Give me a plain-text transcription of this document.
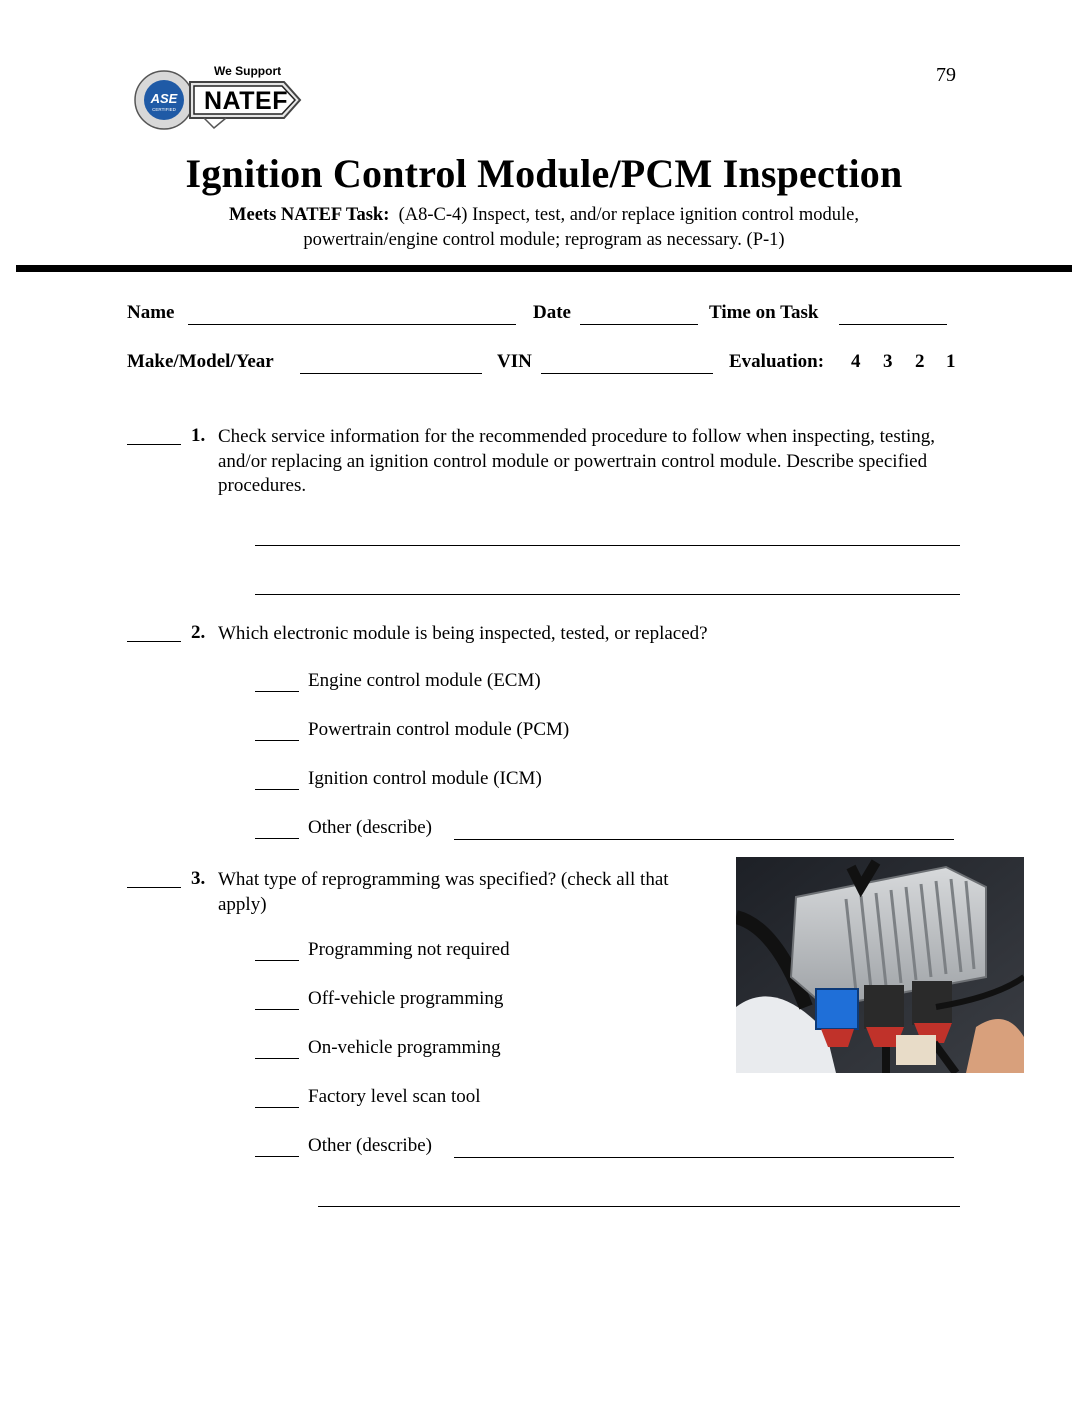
79
We Support
NATEF
ASE
CERTIFIED
Ignition Control Module/PCM Inspection
Meets NATEF Task: (A8-C-4) Inspect, test, and/or replace ignition control module,
powertrain/engine control module; reprogram as necessary. (P-1)
Name	Date	Time on Task
Make/Model/Year	VIN	Evaluation: 4 3 2 1
1. Check service information for the recommended procedure to follow when inspecting, testing, and/or replacing an ignition control module or powertrain control module. Describe specified procedures.
2. Which electronic module is being inspected, tested, or replaced?
Engine control module (ECM)
Powertrain control module (PCM)
Ignition control module (ICM)
Other (describe)
3. What type of reprogramming was specified? (check all that apply)
Programming not required
Off-vehicle programming
On-vehicle programming
Factory level scan tool
Other (describe)
